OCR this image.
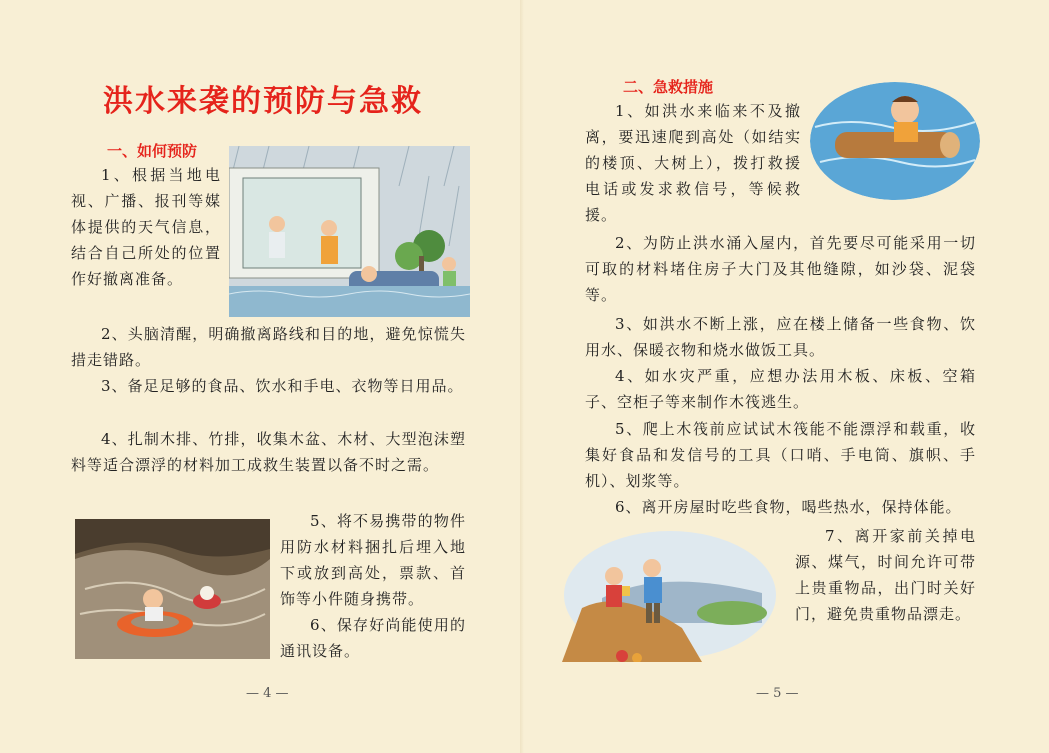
洪水来袭的预防与急救
一、如何预防

1、根据当地电视、广播、报刊等媒体提供的天气信息，结合自己所处的位置作好撤离准备。

2、头脑清醒，明确撤离路线和目的地，避免惊慌失措走错路。

3、备足足够的食品、饮水和手电、衣物等日用品。

4、扎制木排、竹排，收集木盆、木材、大型泡沫塑料等适合漂浮的材料加工成救生装置以备不时之需。

5、将不易携带的物件用防水材料捆扎后埋入地下或放到高处，票款、首饰等小件随身携带。

6、保存好尚能使用的通讯设备。

— 4 —
二、急救措施

1、如洪水来临来不及撤离，要迅速爬到高处（如结实的楼顶、大树上），拨打救援电话或发求救信号，等候救援。

2、为防止洪水涌入屋内，首先要尽可能采用一切可取的材料堵住房子大门及其他缝隙，如沙袋、泥袋等。

3、如洪水不断上涨，应在楼上储备一些食物、饮用水、保暖衣物和烧水做饭工具。

4、如水灾严重，应想办法用木板、床板、空箱子、空柜子等来制作木筏逃生。

5、爬上木筏前应试试木筏能不能漂浮和载重，收集好食品和发信号的工具（口哨、手电筒、旗帜、手机）、划浆等。

6、离开房屋时吃些食物，喝些热水，保持体能。

7、离开家前关掉电源、煤气，时间允许可带上贵重物品，出门时关好门，避免贵重物品漂走。

— 5 —
